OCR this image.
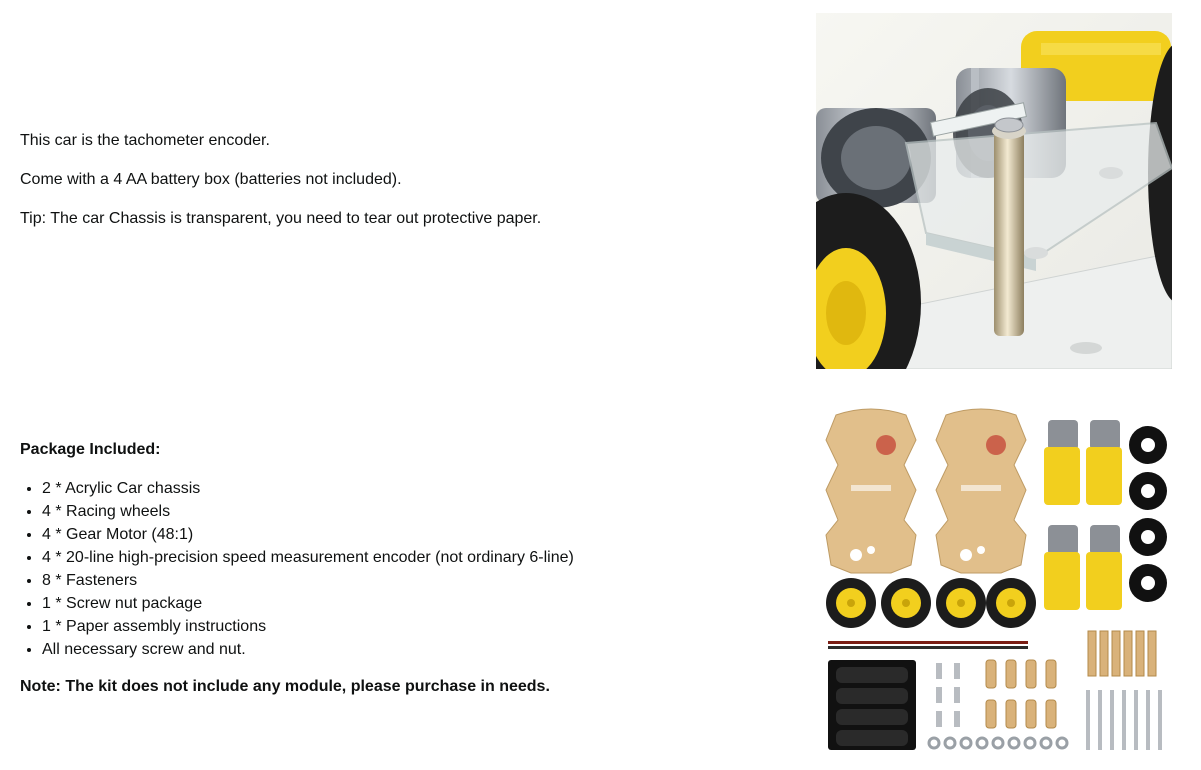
This car is the tachometer encoder.

Come with a 4 AA battery box (batteries not included).

Tip: The car Chassis is transparent, you need to tear out protective paper.

Package Included:

• 2 * Acrylic Car chassis
• 4 * Racing wheels
• 4 * Gear Motor (48:1)
• 4 * 20-line high-precision speed measurement encoder (not ordinary 6-line)
• 8 * Fasteners
• 1 * Screw nut package
• 1 * Paper assembly instructions
• All necessary screw and nut.

Note: The kit does not include any module, please purchase in needs.
